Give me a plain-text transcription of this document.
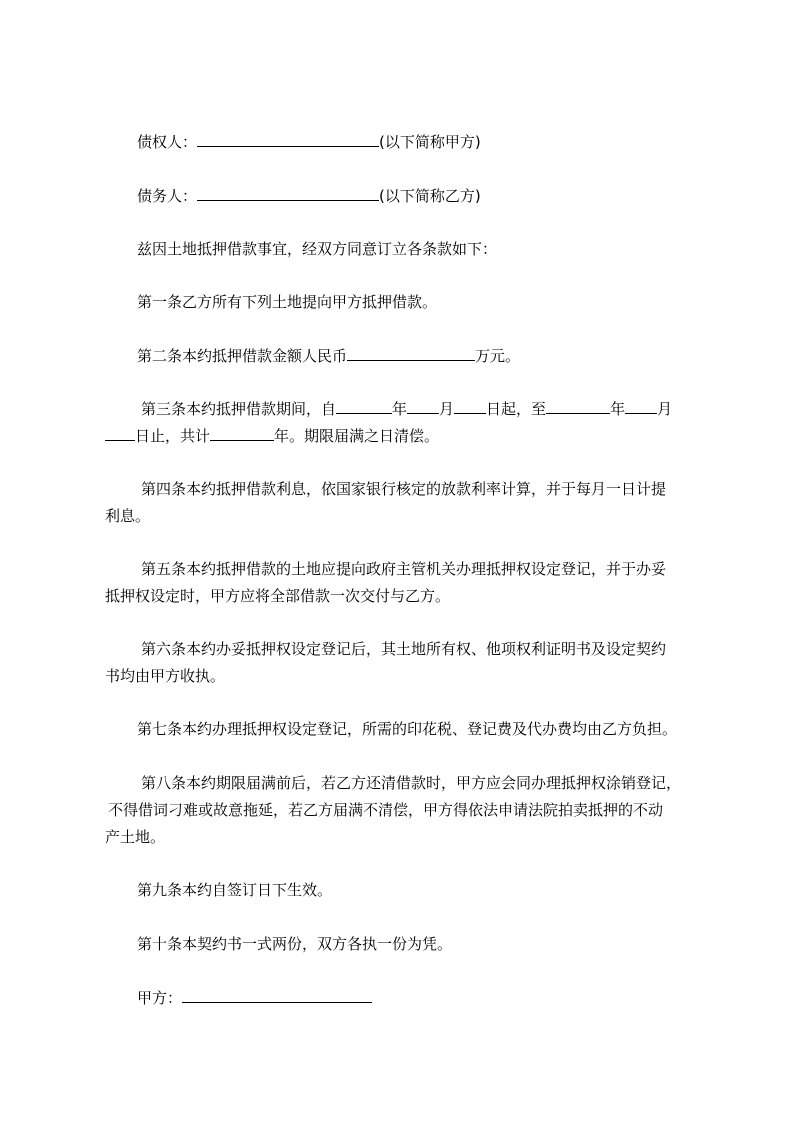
债权人：	(以下简称甲方)
债务人：	(以下简称乙方)
兹因土地抵押借款事宜，经双方同意订立各条款如下：
第一条乙方所有下列土地提向甲方抵押借款。
第二条本约抵押借款金额人民币	万元。
第三条本约抵押借款期间，自	年 月 日起，至	年 月
日止，共计	年。期限届满之日清偿。
第四条本约抵押借款利息，依国家银行核定的放款利率计算，并于每月一日计提
利息。
第五条本约抵押借款的土地应提向政府主管机关办理抵押权设定登记，并于办妥
抵押权设定时，甲方应将全部借款一次交付与乙方。
第六条本约办妥抵押权设定登记后，其土地所有权、他项权利证明书及设定契约
书均由甲方收执。
第七条本约办理抵押权设定登记，所需的印花税、登记费及代办费均由乙方负担。
第八条本约期限届满前后，若乙方还清借款时，甲方应会同办理抵押权涂销登记，
不得借词刁难或故意拖延，若乙方届满不清偿，甲方得依法申请法院拍卖抵押的不动
产土地。
第九条本约自签订日下生效。
第十条本契约书一式两份，双方各执一份为凭。
甲方：
